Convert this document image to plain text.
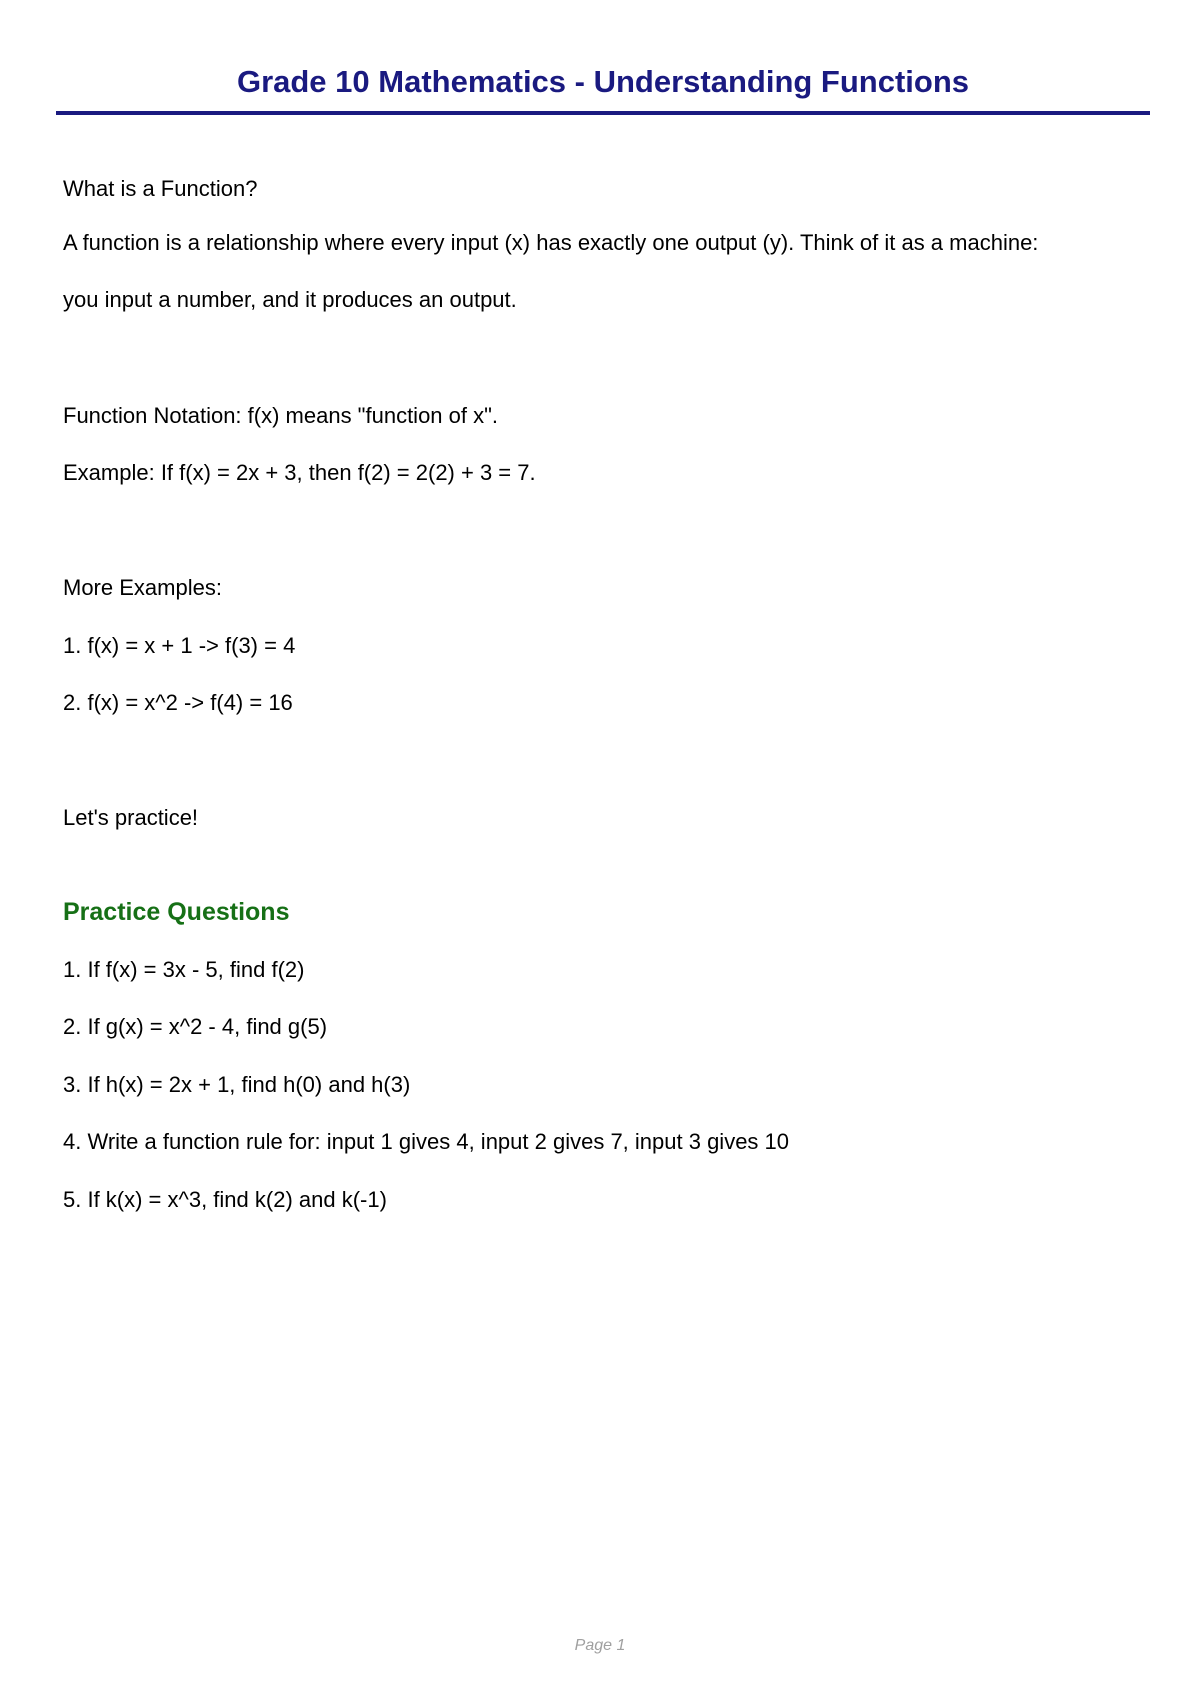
Grade 10 Mathematics - Understanding Functions

What is a Function?

A function is a relationship where every input (x) has exactly one output (y). Think of it as a machine:

you input a number, and it produces an output.

Function Notation: f(x) means "function of x".

Example: If f(x) = 2x + 3, then f(2) = 2(2) + 3 = 7.

More Examples:

1. f(x) = x + 1 -> f(3) = 4

2. f(x) = x^2 -> f(4) = 16

Let's practice!

Practice Questions

1. If f(x) = 3x - 5, find f(2)

2. If g(x) = x^2 - 4, find g(5)

3. If h(x) = 2x + 1, find h(0) and h(3)

4. Write a function rule for: input 1 gives 4, input 2 gives 7, input 3 gives 10

5. If k(x) = x^3, find k(2) and k(-1)

Page 1
